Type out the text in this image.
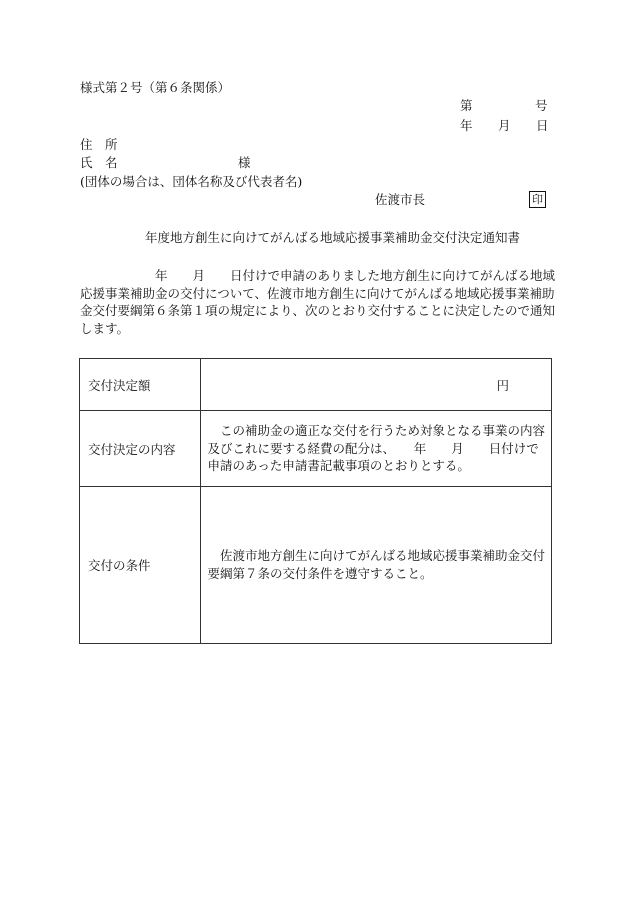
様式第２号（第６条関係）
第	号
年 月 日
住　所
氏　名	様
(団体の場合は、団体名称及び代表者名)
佐渡市長	印
年度地方創生に向けてがんばる地域応援事業補助金交付決定通知書
　　　　　　年　　月　　日付けで申請のありました地方創生に向けてがんばる地域
応援事業補助金の交付について、佐渡市地方創生に向けてがんばる地域応援事業補助
金交付要綱第６条第１項の規定により、次のとおり交付することに決定したので通知
します。
交付決定額	円
交付決定の内容	　この補助金の適正な交付を行うため対象となる事業の内容
及びこれに要する経費の配分は、　　年　　月　　日付けで
申請のあった申請書記載事項のとおりとする。

交付の条件	　佐渡市地方創生に向けてがんばる地域応援事業補助金交付
要綱第７条の交付条件を遵守すること。
